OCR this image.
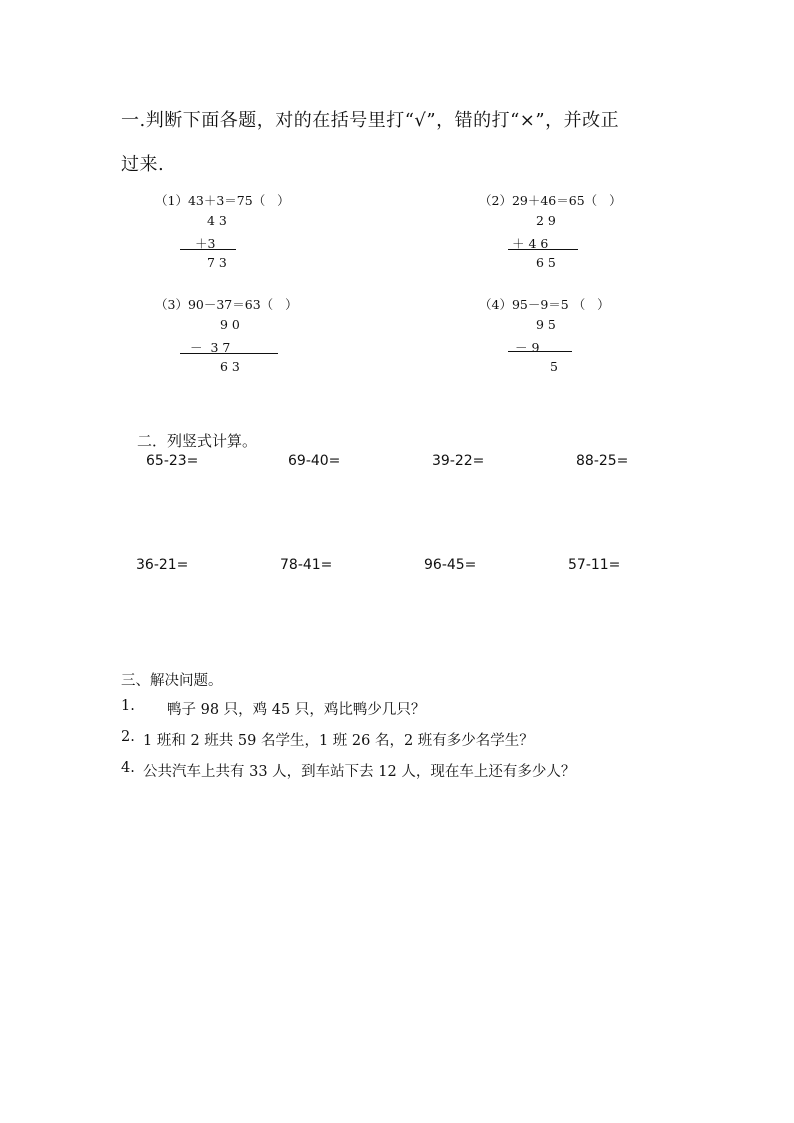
一.判断下面各题，对的在括号里打“√”，错的打“×”，并改正
过来.
（1）43＋3＝75（   ）
4 3
＋3
7 3
（2）29＋46＝65（   ）
2 9
＋ 4 6
6 5
（3）90－37＝63（   ）
9 0
－  3 7
6 3
（4）95－9＝5 （   ）
9 5
－ 9
5
二．列竖式计算。
65-23=	69-40=	39-22=	88-25=
36-21=	78-41=	96-45=	57-11=
三、解决问题。
1. 鸭子 98 只，鸡 45 只，鸡比鸭少几只？
2. 1 班和 2 班共 59 名学生，1 班 26 名，2 班有多少名学生？
4. 公共汽车上共有 33 人，到车站下去 12 人，现在车上还有多少人？
